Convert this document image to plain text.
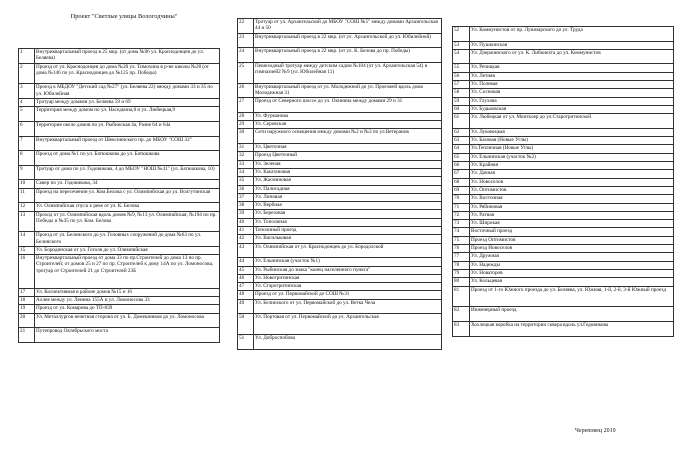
Проект "Светлые улицы Вологодчины"
1	Внутриквартальный проезд в 25 мкр. (от дома №86 ул. Краснодонцев до ул. Беляева)
2	Проезд от ул. Краснодонцев до дома №20 ул. Тимохина в р-не школы №28 (от дома №146 по ул. Краснодонцев до №125 пр. Победы)
3	Проезд к МБДОУ "Детский сад №27" (ул. Беляева 22) между домами 33 и 35 по ул. Юбилейная
4	Тротуар между домами ул. Беляева 59 и 69
5	Территория между домом по ул. Наседкина,8 и ул. Любецкая,9
6	Территория около домов по ул. Рыбинская 4а, Разне 64 и 64а
7	Внутриквартальный проезд от Шекснинского пр. до МБОУ "СОШ 32"
8	Проезд от дома №1 по ул. Батюшкова до ул. Батюшкова
9	Тротуар от дома по ул. Годовикова, 4 до МБОУ "НОШ №41" (ул. Батюшкова, 10)
10	Сквер по ул. Годовикова, 34
11	Проезд на пересечении ул. Ком.Белова с ул. Олимпийская до ул. Волгутинская
12	Ул. Олимпийская спуск к реке от ул. К. Белова
13	Проход от ул. Олимпийская вдоль домов №9, №13 ул. Олимпийская; №194 по пр. Победы и №35 по ул. Ком. Белова
14	Проезд от ул. Белинского до ул. Головных сооружений до дома №63 по ул. Белинского
15	Ул. Бородинская от ул. Гоголя до ул. Олимпийская
16	Внутриквартальный проезд от дома 33 по пр.Строителей до дома 13 по пр. Строителей; от домов 25 и 27 по пр. Строителей к дому 14А по ул. Ломоносова, тротуар от Строителей 21 до Строителей 23Б
17	Ул. Коллективная в районе домов №15 и 16
18	Аллея между ул. Ленина 155А и ул. Ломоносова 33
19	Проезд от ул. Комарова до ТП-839
20	Ул. Металлургов нечетная сторона от ул. Б. Домешников до ул. Ломоносова
21	Путепровод Октябрьского моста
22	Тротуар от ул. Архангельской до МБОУ "СОШ №5" между домами Архангельская 44 и 50
23	Внутриквартальный проезд в 22 мкр. (от ул. Архангельской до ул. Юбилейной)
24	Внутриквартальный проезд в 22 мкр. (от ул. К. Белова до пр. Победы)
25	Пешеходный тротуар между детским садом №104 (от ул. Архангельская 54) и гимназией2 №9 (ул. Юбилейная 11)
26	Внутриквартальный проезд от ул. Молодежной до ул. Проезжей вдоль дома Молодежная 31
27	Проезд от Северного шоссе до ул. Окинина между домами 29 и 31
28	Ул. Фурманова
29	Ул. Серовская
30	Сети наружного освещения между домами №2 и №3 по ул.Ветеранов
31	Ул. Цветочная
32	Проезд Цветочный
33	Ул. Зеленая
34	Ул. Каштановая
35	Ул. Жасминовая
36	Ул. Палисадная
37	Ул. Липовая
38	Ул. Вербная
39	Ул. Березовая
40	Ул. Тополиная
41	Тополиный проезд
42	Ул. Васильковая
43	Ул. Олимпийская от ул. Краснодонцев до ул. Бородолской
44	Ул. Ельнинская (участок №1)
45	Ул. Рыбинская до знака "конец населенного пункта"
46	Ул. Новогритинская
47	Ул. Старогритинская
48	Проезд от ул. Первомайской до СОШ №31
49	Ул. Белинского от ул. Первомайской до ул. Ветка Чела
50	Ул. Портовая от ул. Первомайской до ул. Архангельская
51	Ул. Доброспобова
52	Ул. Коммунистов от пр. Луначарского до ул. Труда
53	Ул. Пушкинская
54	Ул. Дзержинского от ул. К. Либкнехта до ул. Коммунистов
55	Ул. Речицкая
56	Ул. Летняя
57	Ул. Полевая
58	Ул. Сосновая
59	Ул. Глухова
60	Ул. Будьковская
61	Ул. Любецкая от ул. Монтклер до ул.Старогритинской
62	Ул. Луковецкая
63	Ул. Базовая (Новые Углы)
64	Ул.Тепличная (Новые Углы)
65	Ул. Ельнинская (участок №2)
66	Ул. Крайняя
67	Ул. Дачная
68	Ул. Новоселов
69	Ул. Оптимистов
70	Ул. Восточная
71	Ул. Рябиновая
72	Ул. Ратная
73	Ул. Широкая
74	Восточный проезд
75	Проезд Оптимистов
76	Проезд Новоселов
77	Ул. Дружная
78	Ул. Надежды
79	Ул. Новаторов
80	Ул. Кольцевая
81	Проезд от 1-го Южного проезда до ул. Беляева, ул. Южная, 1-й, 2-й, 3-й Южный проезд
82	Инженерный проезд
83	Хохлецкая коробка на территории сквера вдоль ул.Годовикова
Череповец 2019
